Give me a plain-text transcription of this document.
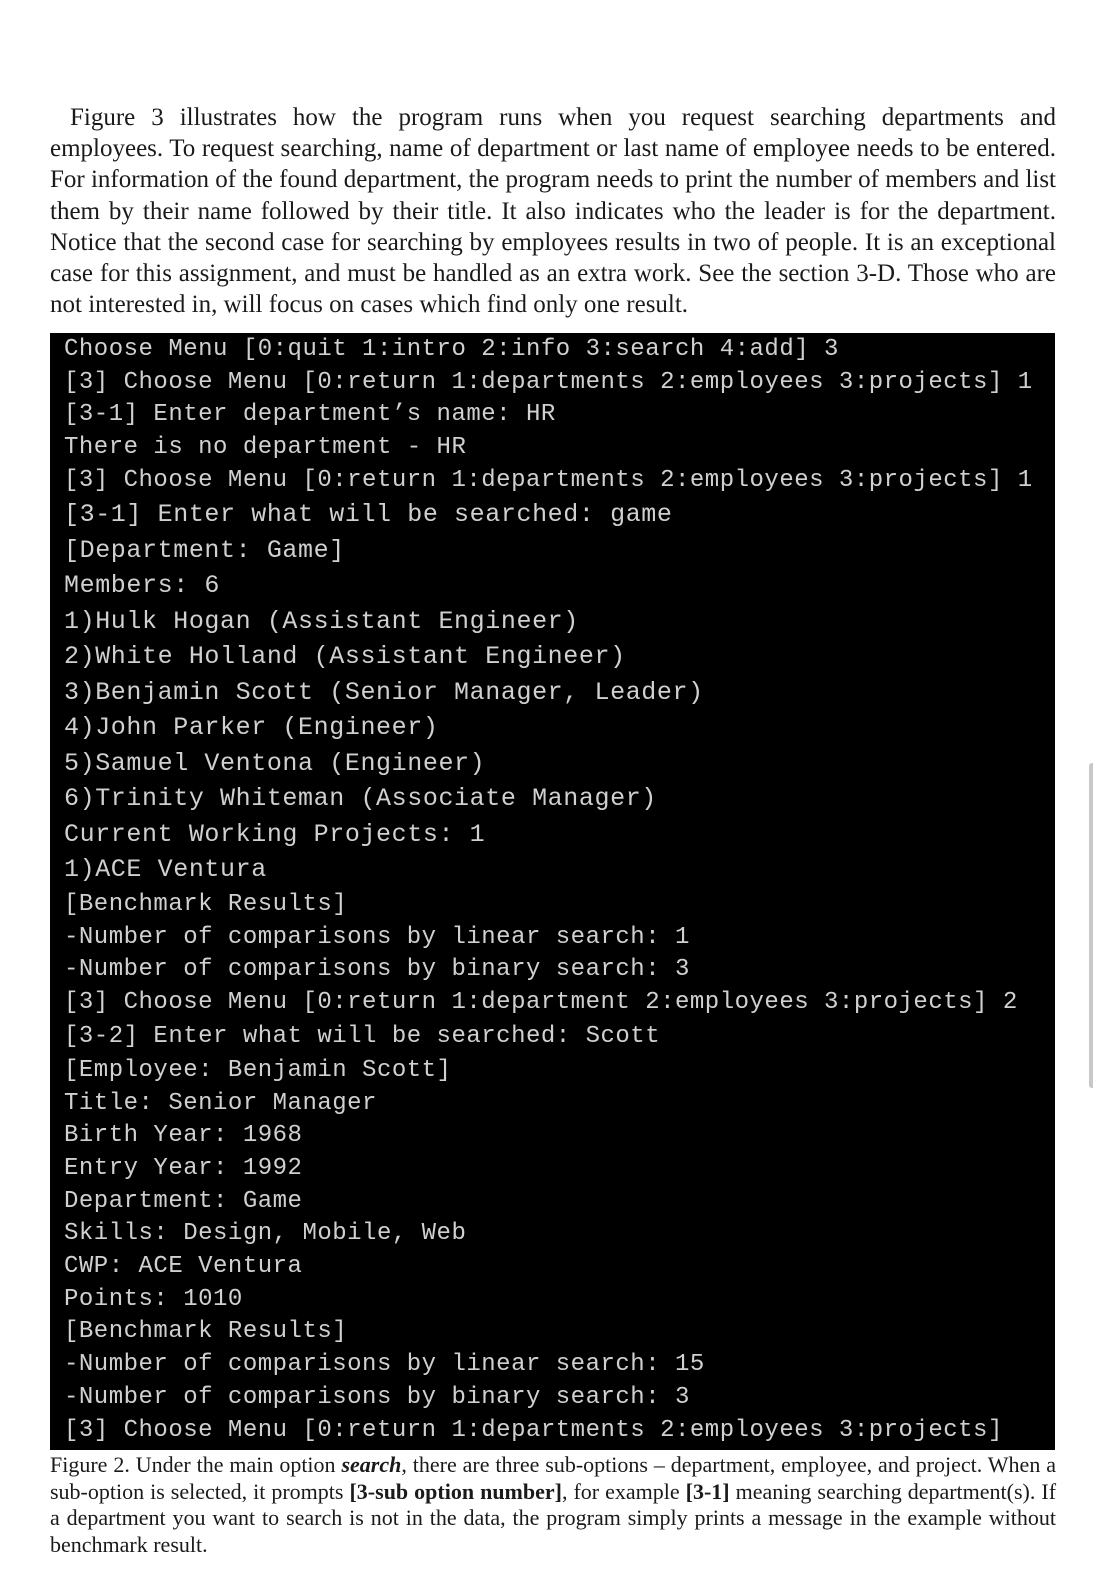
Figure 3 illustrates how the program runs when you request searching departments and employees. To request searching, name of department or last name of employee needs to be entered. For information of the found department, the program needs to print the number of members and list them by their name followed by their title. It also indicates who the leader is for the department. Notice that the second case for searching by employees results in two of people. It is an exceptional case for this assignment, and must be handled as an extra work. See the section 3-D. Those who are not interested in, will focus on cases which find only one result.

Choose Menu [0:quit 1:intro 2:info 3:search 4:add] 3
[3] Choose Menu [0:return 1:departments 2:employees 3:projects] 1
[3-1] Enter department’s name: HR
There is no department - HR
[3] Choose Menu [0:return 1:departments 2:employees 3:projects] 1
[3-1] Enter what will be searched: game
[Department: Game]
Members: 6
1)Hulk Hogan (Assistant Engineer)
2)White Holland (Assistant Engineer)
3)Benjamin Scott (Senior Manager, Leader)
4)John Parker (Engineer)
5)Samuel Ventona (Engineer)
6)Trinity Whiteman (Associate Manager)
Current Working Projects: 1
1)ACE Ventura
[Benchmark Results]
-Number of comparisons by linear search: 1
-Number of comparisons by binary search: 3
[3] Choose Menu [0:return 1:department 2:employees 3:projects] 2
[3-2] Enter what will be searched: Scott
[Employee: Benjamin Scott]
Title: Senior Manager
Birth Year: 1968
Entry Year: 1992
Department: Game
Skills: Design, Mobile, Web
CWP: ACE Ventura
Points: 1010
[Benchmark Results]
-Number of comparisons by linear search: 15
-Number of comparisons by binary search: 3
[3] Choose Menu [0:return 1:departments 2:employees 3:projects]

Figure 2. Under the main option search, there are three sub-options – department, employee, and project. When a sub-option is selected, it prompts [3-sub option number], for example [3-1] meaning searching department(s). If a department you want to search is not in the data, the program simply prints a message in the example without benchmark result.
